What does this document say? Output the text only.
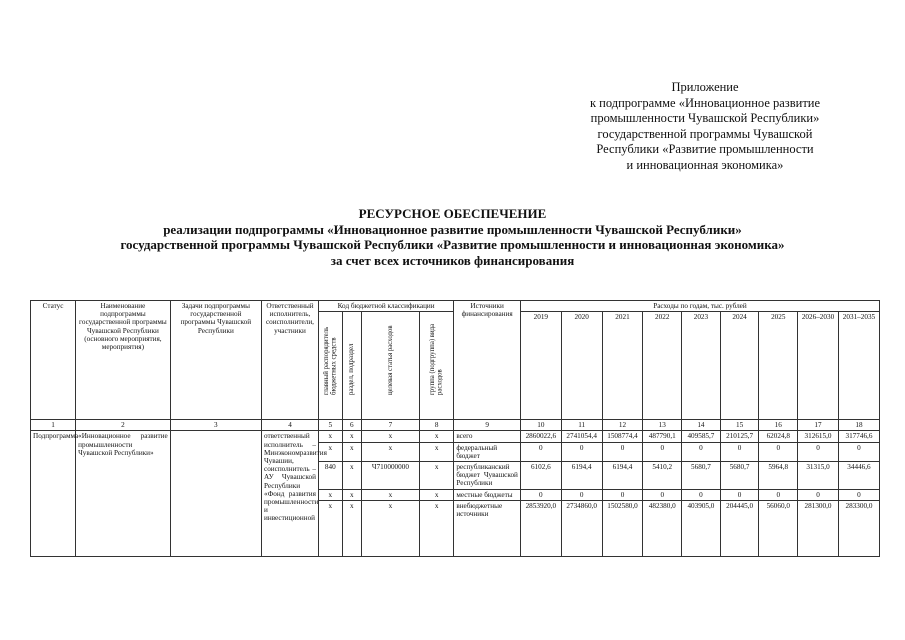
Приложение
к подпрограмме «Инновационное развитие
промышленности Чувашской Республики»
государственной программы Чувашской
Республики «Развитие промышленности
и инновационная экономика»
РЕСУРСНОЕ ОБЕСПЕЧЕНИЕ
реализации подпрограммы «Инновационное развитие промышленности Чувашской Республики»
государственной программы Чувашской Республики «Развитие промышленности и инновационная экономика»
за счет всех источников финансирования
Статус	Наименование подпрограммы государственной программы Чувашской Республики (основного мероприятия, мероприятия)	Задачи подпрограммы государственной программы Чувашской Республики	Ответственный исполнитель, соисполнители, участники	Код бюджетной классификации				Источники финансирования	Расходы по годам, тыс. рублей								
				главный распорядитель бюджетных средств	раздел, подраздел	целевая статья расходов	группа (подгруппа) вида расходов		2019	2020	2021	2022	2023	2024	2025	2026–2030	2031–2035
1	2	3	4	5	6	7	8	9	10	11	12	13	14	15	16	17	18
Подпрограмма	«Инновационное развитие промышленности Чувашской Республики»		ответственный исполнитель – Минэкономразвития Чувашии, соисполнитель – АУ Чувашской Республики «Фонд развития промышленности и инвестиционной	x	x	x	x	всего	2860022,6	2741054,4	1508774,4	487790,1	409585,7	210125,7	62024,8	312615,0	317746,6
				x	x	x	x	федеральный бюджет	0	0	0	0	0	0	0	0	0
				840	x	Ч710000000	x	республиканский бюджет Чувашской Республики	6102,6	6194,4	6194,4	5410,2	5680,7	5680,7	5964,8	31315,0	34446,6
				x	x	x	x	местные бюджеты	0	0	0	0	0	0	0	0	0
				x	x	x	x	внебюджетные источники	2853920,0	2734860,0	1502580,0	482380,0	403905,0	204445,0	56060,0	281300,0	283300,0
